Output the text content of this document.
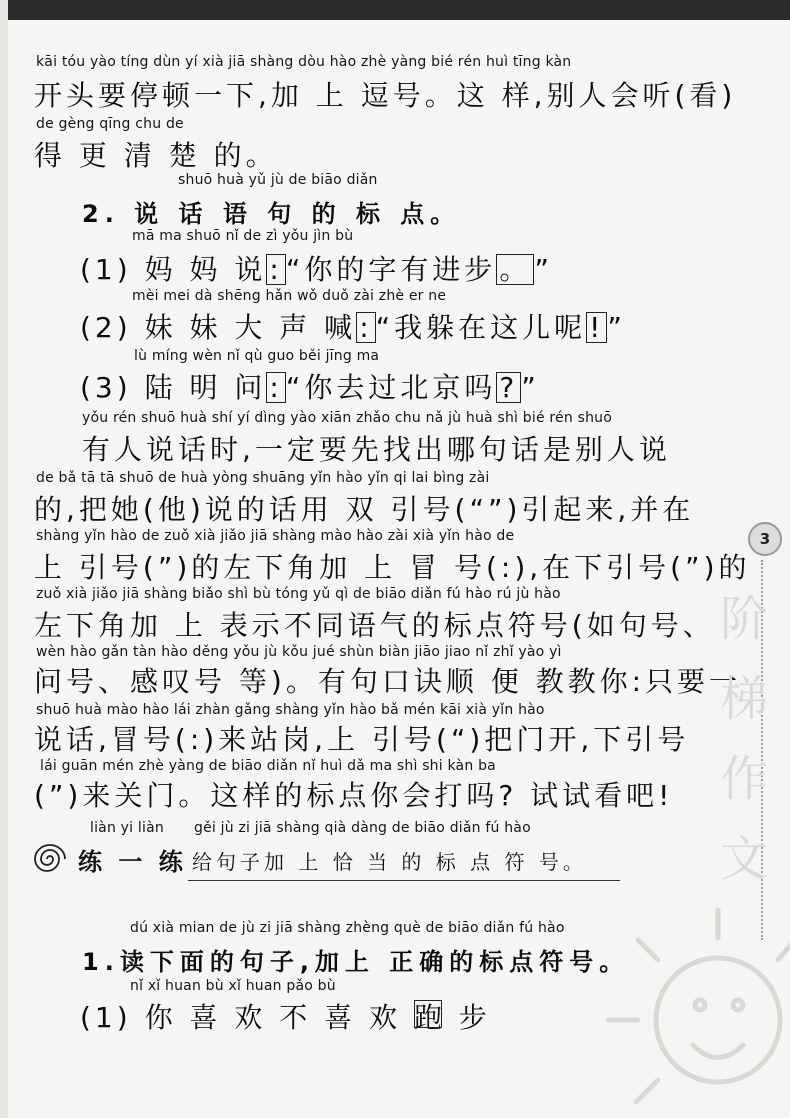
kāi tóu yào tíng dùn yí xià jiā shàng dòu hào zhè yàng bié rén huì tīng kàn
开头要停顿一下,加 上 逗号。这 样,别人会听(看)
de gèng qīng chu de
得 更 清 楚 的。
shuō huà yǔ jù de biāo diǎn
2. 说 话 语 句 的 标 点。
mā ma shuō nǐ de zì yǒu jìn bù
(1) 妈 妈 说 : “你的字有进步 。 ”
mèi mei dà shēng hǎn wǒ duǒ zài zhè er ne
(2) 妹 妹 大 声 喊 : “我躲在这儿呢 ! ”
lù míng wèn nǐ qù guo běi jīng ma
(3) 陆 明 问 : “你去过北京吗 ? ”
yǒu rén shuō huà shí yí dìng yào xiān zhǎo chu nǎ jù huà shì bié rén shuō
有人说话时,一定要先找出哪句话是别人说
de bǎ tā tā shuō de huà yòng shuāng yǐn hào yǐn qi lai bìng zài
的,把她(他)说的话用 双 引号(“”)引起来,并在
shàng yǐn hào de zuǒ xià jiǎo jiā shàng mào hào zài xià yǐn hào de
上 引号(”)的左下角加 上 冒 号(:),在下引号(”)的
zuǒ xià jiǎo jiā shàng biǎo shì bù tóng yǔ qì de biāo diǎn fú hào rú jù hào
左下角加 上 表示不同语气的标点符号(如句号、
wèn hào gǎn tàn hào děng yǒu jù kǒu jué shùn biàn jiāo jiao nǐ zhǐ yào yì
问号、感叹号 等)。有句口诀顺 便 教教你:只要一
shuō huà mào hào lái zhàn gǎng shàng yǐn hào bǎ mén kāi xià yǐn hào
说话,冒号(:)来站岗,上 引号(“)把门开,下引号
lái guān mén zhè yàng de biāo diǎn nǐ huì dǎ ma shì shi kàn ba
(”)来关门。这样的标点你会打吗? 试试看吧!
liàn yi liàn
练 一 练
gěi jù zi jiā shàng qià dàng de biāo diǎn fú hào
给句子加 上 恰 当 的 标 点 符 号。
dú xià mian de jù zi jiā shàng zhèng què de biāo diǎn fú hào
1.读下面的句子,加上 正确的标点符号。
nǐ xǐ huan bù xǐ huan pǎo bù
(1) 你 喜 欢 不 喜 欢 跑 步
3
阶
梯
作
文
